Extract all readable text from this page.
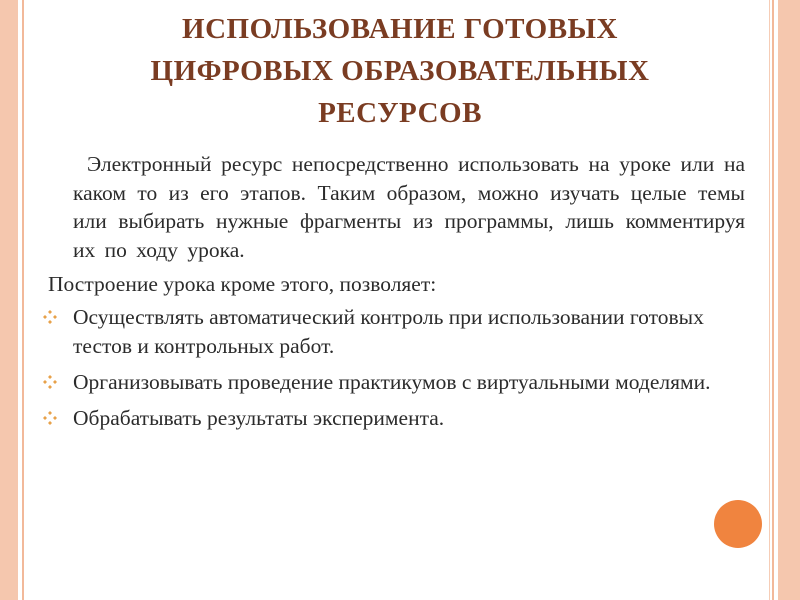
ИСПОЛЬЗОВАНИЕ ГОТОВЫХ
ЦИФРОВЫХ ОБРАЗОВАТЕЛЬНЫХ
РЕСУРСОВ

Электронный ресурс непосредственно использовать на уроке или на каком то из его этапов. Таким образом, можно изучать целые темы или выбирать нужные фрагменты из программы, лишь комментируя их по ходу урока.

Построение урока кроме этого, позволяет:

Осуществлять автоматический контроль при использовании готовых тестов и контрольных работ.
Организовывать проведение практикумов с виртуальными моделями.
Обрабатывать результаты эксперимента.
